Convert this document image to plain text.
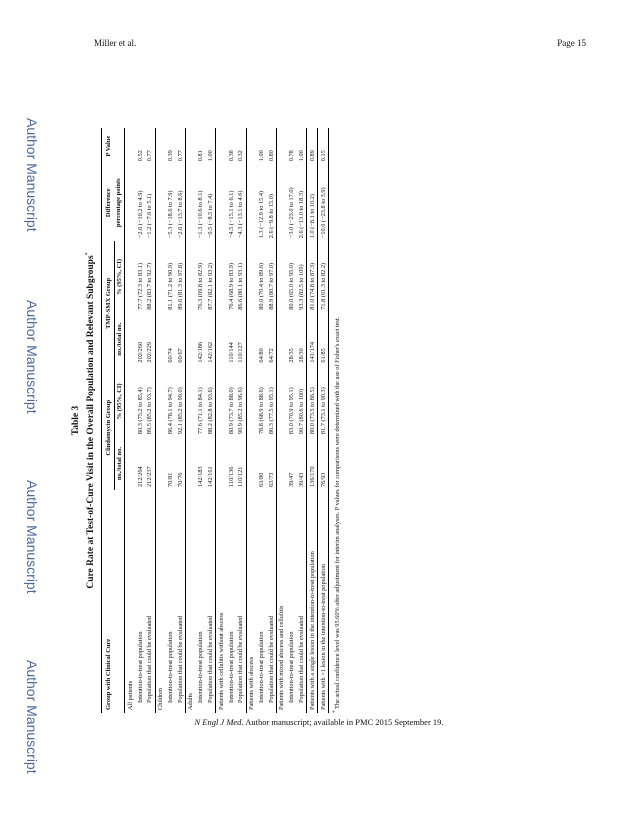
Miller et al.	Page 15
Author Manuscript
Author Manuscript
Author Manuscript
Author Manuscript
Table 3 Cure Rate at Test-of-Cure Visit in the Overall Population and Relevant Subgroups*
Group with Clinical Cure	Clindamycin Group		TMP-SMX Group		Difference	P Value
	no./total no.	% (95%, CI)	no./total no.	% (95%, CI)	percentage points	
All patients						
Intention-to-treat population	212/264	80.3 (75.2 to 85.4)	202/260	77.7 (72.3 to 83.1)	−2.6 (−10.2 to 4.9)	0.52
Population that could be evaluated	212/237	89.5 (85.2 to 93.7)	202/229	88.2 (83.7 to 92.7)	−1.2 (−7.6 to 5.1)	0.77
Children						
Intention-to-treat population	70/81	86.4 (78.1 to 94.7)	60/74	81.1 (71.2 to 90.9)	−5.3 (−18.6 to 7.9)	0.39
Population that could be evaluated	70/76	92.1 (85.2 to 99.0)	60/67	89.6 (81.3 to 97.8)	−2.6 (−13.7 to 8.6)	0.77
Adults						
Intention-to-treat population	142/183	77.6 (71.1 to 84.1)	142/186	76.3 (69.8 to 82.9)	−1.3 (−10.6 to 8.1)	0.81
Population that could be evaluated	142/161	88.2 (82.8 to 93.6)	142/162	87.7 (82.1 to 93.2)	−0.5 (−8.5 to 7.4)	1.00
Patients with cellulitis without abscess						
Intention-to-treat population	110/136	80.9 (73.7 to 88.0)	110/144	76.4 (68.9 to 83.9)	−4.5 (−15.1 to 6.1)	0.38
Population that could be evaluated	110/121	90.9 (85.2 to 96.6)	110/127	86.6 (80.1 to 93.1)	−4.3 (−13.1 to 4.6)	0.32
Patients with abscess						
Intention-to-treat population	63/80	78.8 (68.9 to 88.6)	64/80	80.0 (70.4 to 89.6)	1.3 (−12.9 to 15.4)	1.00
Population that could be evaluated	63/73	86.3 (77.5 to 95.1)	64/72	88.9 (80.7 to 97.0)	2.6 (−9.8 to 15.0)	0.80
Patients with mixed abscess and cellulitis						
Intention-to-treat population	39/47	83.0 (70.9 to 95.1)	28/35	80.0 (65.0 to 95.0)	−3.0 (−23.0 to 17.0)	0.78
Population that could be evaluated	39/43	90.7 (80.6 to 100)	28/30	93.3 (82.5 to 100)	2.6 (−13.0 to 18.3)	1.00
Patients with a single lesion in the intention-to-treat population	136/170	80.0 (73.5 to 86.5)	141/174	81.0 (74.8 to 87.3)	1.0 (−8.1 to 10.2)	0.89
Patients with >1 lesion in the intention-to-treat population	76/93	81.7 (73.1 to 90.3)	61/85	71.8 (61.3 to 82.2)	−10.0 (−23.8 to 3.9)	0.15
* The actual confidence level was 95.60% after adjustment for interim analyses. P values for comparisons were determined with the use of Fisher's exact test.
N Engl J Med. Author manuscript; available in PMC 2015 September 19.
